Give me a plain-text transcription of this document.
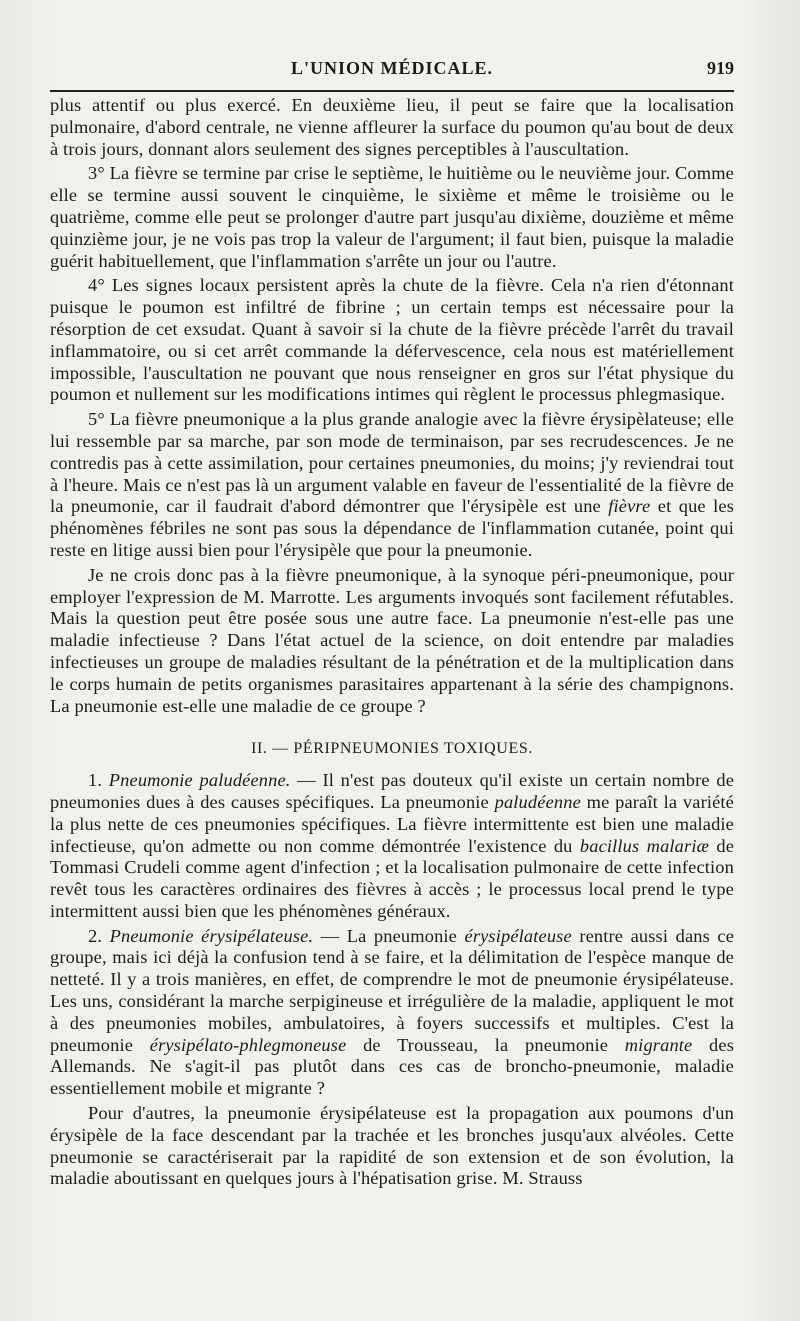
L'UNION MÉDICALE.	919

plus attentif ou plus exercé. En deuxième lieu, il peut se faire que la localisation pulmonaire, d'abord centrale, ne vienne affleurer la surface du poumon qu'au bout de deux à trois jours, donnant alors seulement des signes perceptibles à l'auscultation.

3° La fièvre se termine par crise le septième, le huitième ou le neuvième jour. Comme elle se termine aussi souvent le cinquième, le sixième et même le troisième ou le quatrième, comme elle peut se prolonger d'autre part jusqu'au dixième, douzième et même quinzième jour, je ne vois pas trop la valeur de l'argument; il faut bien, puisque la maladie guérit habituellement, que l'inflammation s'arrête un jour ou l'autre.

4° Les signes locaux persistent après la chute de la fièvre. Cela n'a rien d'étonnant puisque le poumon est infiltré de fibrine ; un certain temps est nécessaire pour la résorption de cet exsudat. Quant à savoir si la chute de la fièvre précède l'arrêt du travail inflammatoire, ou si cet arrêt commande la défervescence, cela nous est matériellement impossible, l'auscultation ne pouvant que nous renseigner en gros sur l'état physique du poumon et nullement sur les modifications intimes qui règlent le processus phlegmasique.

5° La fièvre pneumonique a la plus grande analogie avec la fièvre érysipèlateuse; elle lui ressemble par sa marche, par son mode de terminaison, par ses recrudescences. Je ne contredis pas à cette assimilation, pour certaines pneumonies, du moins; j'y reviendrai tout à l'heure. Mais ce n'est pas là un argument valable en faveur de l'essentialité de la fièvre de la pneumonie, car il faudrait d'abord démontrer que l'érysipèle est une fièvre et que les phénomènes fébriles ne sont pas sous la dépendance de l'inflammation cutanée, point qui reste en litige aussi bien pour l'érysipèle que pour la pneumonie.

Je ne crois donc pas à la fièvre pneumonique, à la synoque péri-pneumonique, pour employer l'expression de M. Marrotte. Les arguments invoqués sont facilement réfutables. Mais la question peut être posée sous une autre face. La pneumonie n'est-elle pas une maladie infectieuse ? Dans l'état actuel de la science, on doit entendre par maladies infectieuses un groupe de maladies résultant de la pénétration et de la multiplication dans le corps humain de petits organismes parasitaires appartenant à la série des champignons. La pneumonie est-elle une maladie de ce groupe ?

II. — PÉRIPNEUMONIES TOXIQUES.

1. Pneumonie paludéenne. — Il n'est pas douteux qu'il existe un certain nombre de pneumonies dues à des causes spécifiques. La pneumonie paludéenne me paraît la variété la plus nette de ces pneumonies spécifiques. La fièvre intermittente est bien une maladie infectieuse, qu'on admette ou non comme démontrée l'existence du bacillus malariæ de Tommasi Crudeli comme agent d'infection ; et la localisation pulmonaire de cette infection revêt tous les caractères ordinaires des fièvres à accès ; le processus local prend le type intermittent aussi bien que les phénomènes généraux.

2. Pneumonie érysipélateuse. — La pneumonie érysipélateuse rentre aussi dans ce groupe, mais ici déjà la confusion tend à se faire, et la délimitation de l'espèce manque de netteté. Il y a trois manières, en effet, de comprendre le mot de pneumonie érysipélateuse. Les uns, considérant la marche serpigineuse et irrégulière de la maladie, appliquent le mot à des pneumonies mobiles, ambulatoires, à foyers successifs et multiples. C'est la pneumonie érysipélato-phlegmoneuse de Trousseau, la pneumonie migrante des Allemands. Ne s'agit-il pas plutôt dans ces cas de broncho-pneumonie, maladie essentiellement mobile et migrante ?

Pour d'autres, la pneumonie érysipélateuse est la propagation aux poumons d'un érysipèle de la face descendant par la trachée et les bronches jusqu'aux alvéoles. Cette pneumonie se caractériserait par la rapidité de son extension et de son évolution, la maladie aboutissant en quelques jours à l'hépatisation grise. M. Strauss
